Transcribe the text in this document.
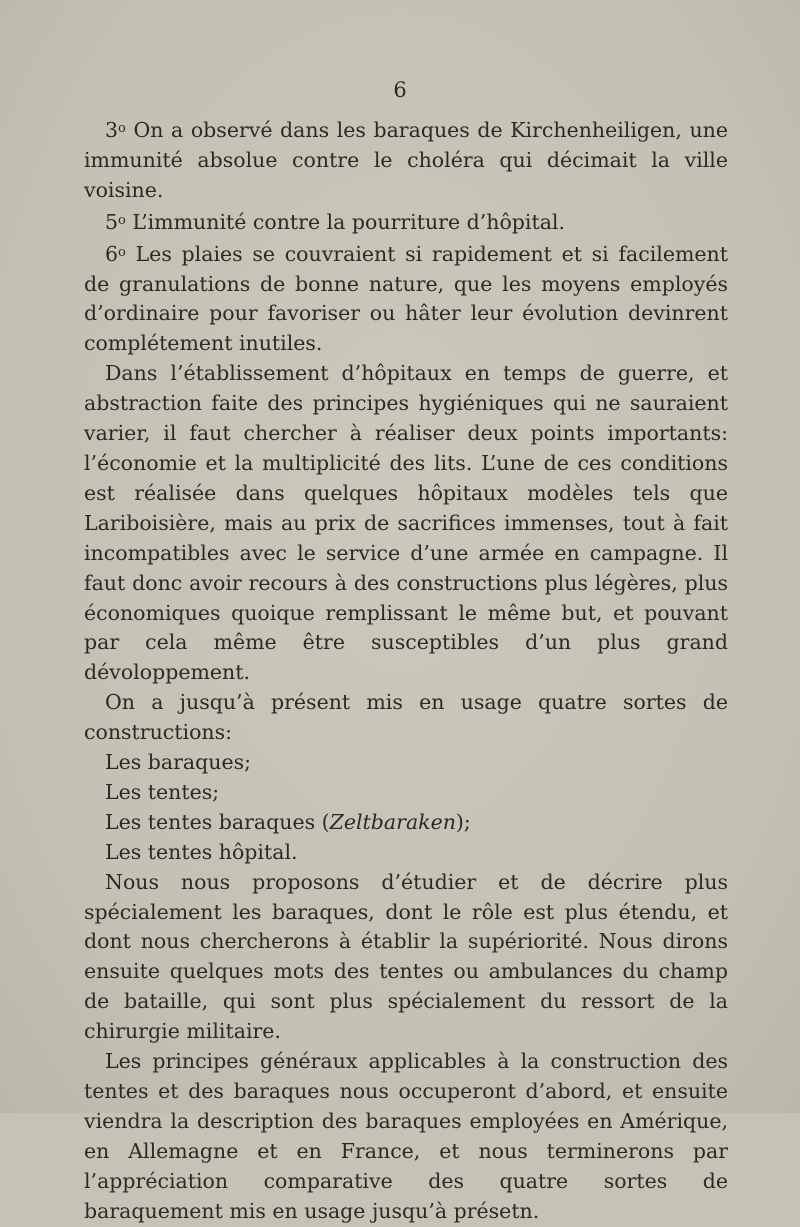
6

3$^o$ On a observé dans les baraques de Kirchenheiligen, une immunité absolue contre le choléra qui décimait la ville voisine.

5$^o$ L’immunité contre la pourriture d’hôpital.

6$^o$ Les plaies se couvraient si rapidement et si facilement de granulations de bonne nature, que les moyens employés d’ordinaire pour favoriser ou hâter leur évolution devinrent complétement inutiles.

Dans l’établissement d’hôpitaux en temps de guerre, et abstraction faite des principes hygiéniques qui ne sauraient varier, il faut chercher à réaliser deux points importants: l’économie et la multiplicité des lits. L’une de ces conditions est réalisée dans quelques hôpitaux modèles tels que Lariboisière, mais au prix de sacrifices immenses, tout à fait incompatibles avec le service d’une armée en campagne. Il faut donc avoir recours à des constructions plus légères, plus économiques quoique remplissant le même but, et pouvant par cela même être susceptibles d’un plus grand dévoloppement.

On a jusqu’à présent mis en usage quatre sortes de constructions:

Les baraques;

Les tentes;

Les tentes baraques (Zeltbaraken);

Les tentes hôpital.

Nous nous proposons d’étudier et de décrire plus spécialement les baraques, dont le rôle est plus étendu, et dont nous chercherons à établir la supériorité. Nous dirons ensuite quelques mots des tentes ou ambulances du champ de bataille, qui sont plus spécialement du ressort de la chirurgie militaire.

Les principes généraux applicables à la construction des tentes et des baraques nous occuperont d’abord, et ensuite viendra la description des baraques employées en Amérique, en Allemagne et en France, et nous terminerons par l’appréciation comparative des quatre sortes de baraquement mis en usage jusqu’à présetn.
